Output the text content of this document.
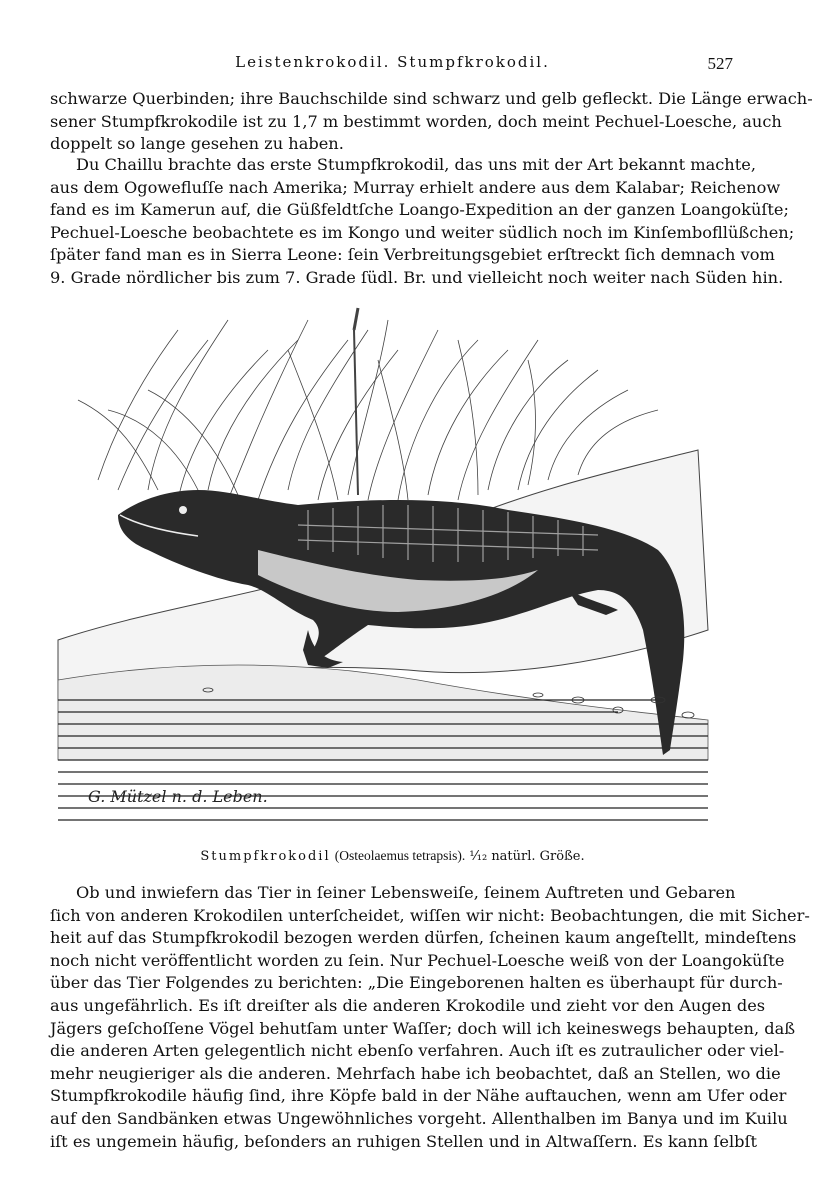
Leistenkrokodil. Stumpfkrokodil.	527
schwarze Querbinden; ihre Bauchschilde sind schwarz und gelb gefleckt. Die Länge erwach-
sener Stumpfkrokodile ist zu 1,7 m bestimmt worden, doch meint Pechuel-Loesche, auch
doppelt so lange gesehen zu haben.
Du Chaillu brachte das erste Stumpfkrokodil, das uns mit der Art bekannt machte,
aus dem Ogowefluſſe nach Amerika; Murray erhielt andere aus dem Kalabar; Reichenow
fand es im Kamerun auf, die Güßfeldtſche Loango-Expedition an der ganzen Loangoküſte;
Pechuel-Loesche beobachtete es im Kongo und weiter südlich noch im Kinſembofllüßchen;
ſpäter fand man es in Sierra Leone: ſein Verbreitungsgebiet erſtreckt ſich demnach vom
9. Grade nördlicher bis zum 7. Grade ſüdl. Br. und vielleicht noch weiter nach Süden hin.
G. Mützel n. d. Leben.
Stumpfkrokodil (Osteolaemus tetrapsis). ¹⁄₁₂ natürl. Größe.
Ob und inwiefern das Tier in ſeiner Lebensweiſe, ſeinem Auftreten und Gebaren
ſich von anderen Krokodilen unterſcheidet, wiſſen wir nicht: Beobachtungen, die mit Sicher-
heit auf das Stumpfkrokodil bezogen werden dürfen, ſcheinen kaum angeſtellt, mindeſtens
noch nicht veröffentlicht worden zu ſein. Nur Pechuel-Loesche weiß von der Loangoküſte
über das Tier Folgendes zu berichten: „Die Eingeborenen halten es überhaupt für durch-
aus ungefährlich. Es iſt dreiſter als die anderen Krokodile und zieht vor den Augen des
Jägers geſchoſſene Vögel behutſam unter Waſſer; doch will ich keineswegs behaupten, daß
die anderen Arten gelegentlich nicht ebenſo verfahren. Auch iſt es zutraulicher oder viel-
mehr neugieriger als die anderen. Mehrfach habe ich beobachtet, daß an Stellen, wo die
Stumpfkrokodile häufig ſind, ihre Köpfe bald in der Nähe auftauchen, wenn am Ufer oder
auf den Sandbänken etwas Ungewöhnliches vorgeht. Allenthalben im Banya und im Kuilu
iſt es ungemein häufig, beſonders an ruhigen Stellen und in Altwaſſern. Es kann ſelbſt
